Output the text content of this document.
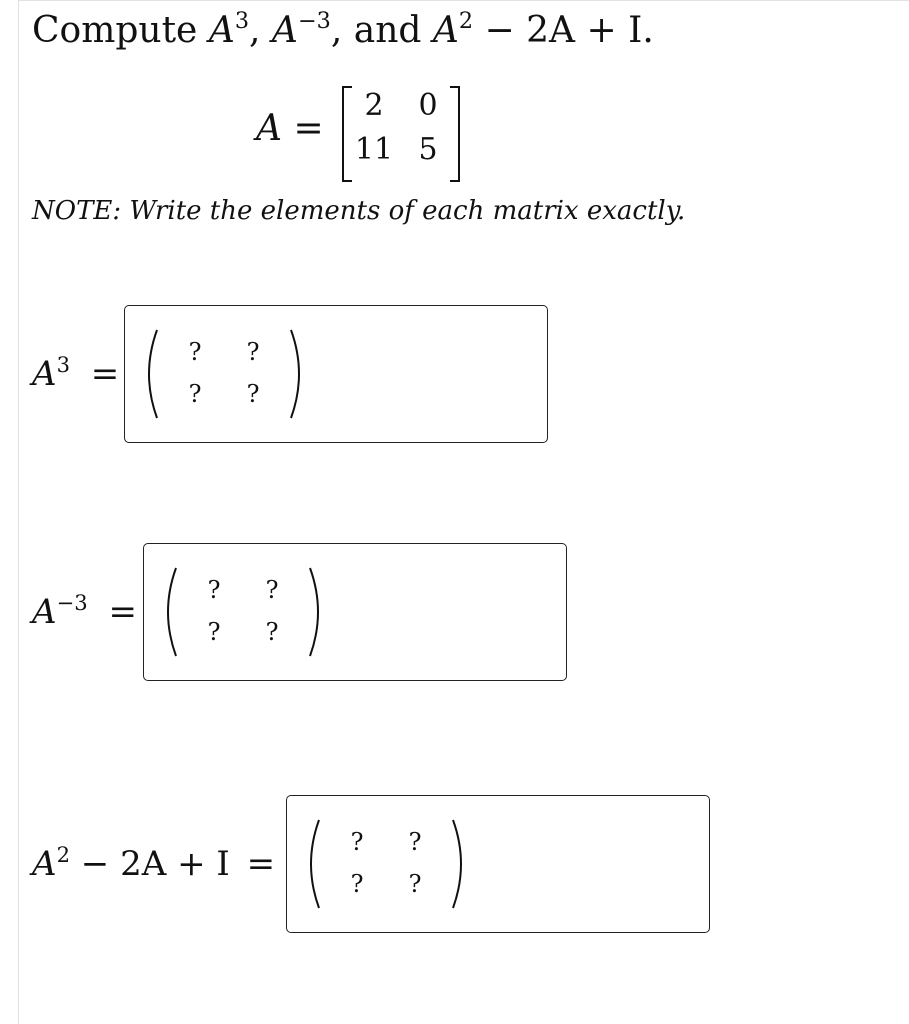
Compute $A^3$, $A^{-3}$, and $A^2 - 2A + I$.
A =
2	0
11 5
NOTE: Write the elements of each matrix exactly.
$A^3$ =
? ?
? ?
$A^{-3}$ =
? ?
? ?
$A^2 - 2A + I$ =
? ?
? ?
